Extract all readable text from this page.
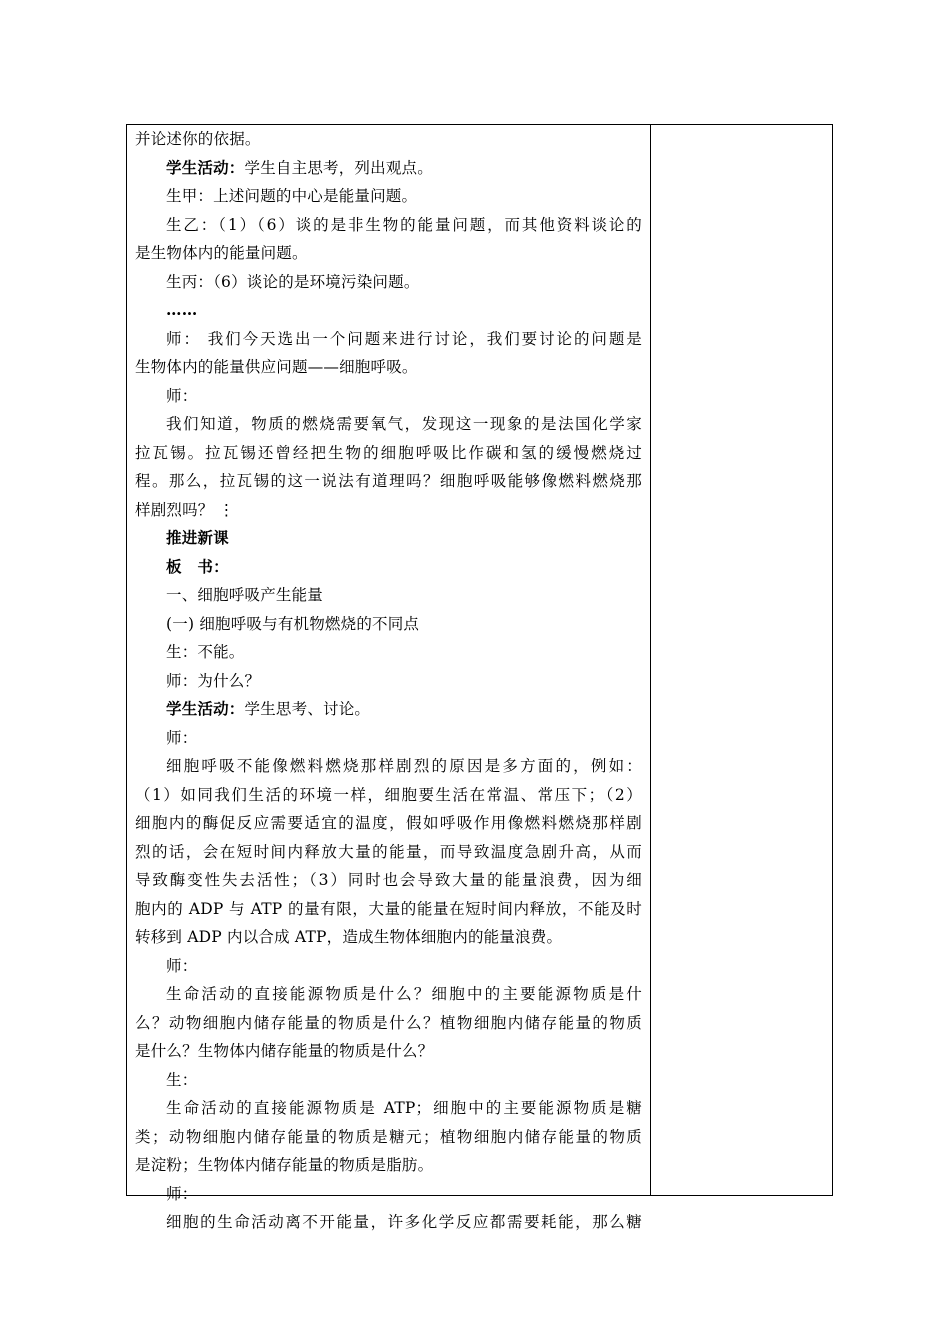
并论述你的依据。
学生活动：学生自主思考，列出观点。
生甲：上述问题的中心是能量问题。
生乙：（1）（6）谈的是非生物的能量问题，而其他资料谈论的
是生物体内的能量问题。
生丙：（6）谈论的是环境污染问题。
……
师： 我们今天选出一个问题来进行讨论，我们要讨论的问题是
生物体内的能量供应问题——细胞呼吸。
师：
我们知道，物质的燃烧需要氧气，发现这一现象的是法国化学家
拉瓦锡。拉瓦锡还曾经把生物的细胞呼吸比作碳和氢的缓慢燃烧过
程。那么，拉瓦锡的这一说法有道理吗？细胞呼吸能够像燃料燃烧那
样剧烈吗？ ⋮
推进新课
板　书：
一、细胞呼吸产生能量
(一) 细胞呼吸与有机物燃烧的不同点
生：不能。
师：为什么？
学生活动：学生思考、讨论。
师：
细胞呼吸不能像燃料燃烧那样剧烈的原因是多方面的，例如：
（1）如同我们生活的环境一样，细胞要生活在常温、常压下；（2）
细胞内的酶促反应需要适宜的温度，假如呼吸作用像燃料燃烧那样剧
烈的话，会在短时间内释放大量的能量，而导致温度急剧升高，从而
导致酶变性失去活性；（3）同时也会导致大量的能量浪费，因为细
胞内的 ADP 与 ATP 的量有限，大量的能量在短时间内释放，不能及时
转移到 ADP 内以合成 ATP，造成生物体细胞内的能量浪费。
师：
生命活动的直接能源物质是什么？细胞中的主要能源物质是什
么？动物细胞内储存能量的物质是什么？植物细胞内储存能量的物质
是什么？生物体内储存能量的物质是什么？
生：
生命活动的直接能源物质是 ATP；细胞中的主要能源物质是糖
类；动物细胞内储存能量的物质是糖元；植物细胞内储存能量的物质
是淀粉；生物体内储存能量的物质是脂肪。
师：
细胞的生命活动离不开能量，许多化学反应都需要耗能，那么糖
